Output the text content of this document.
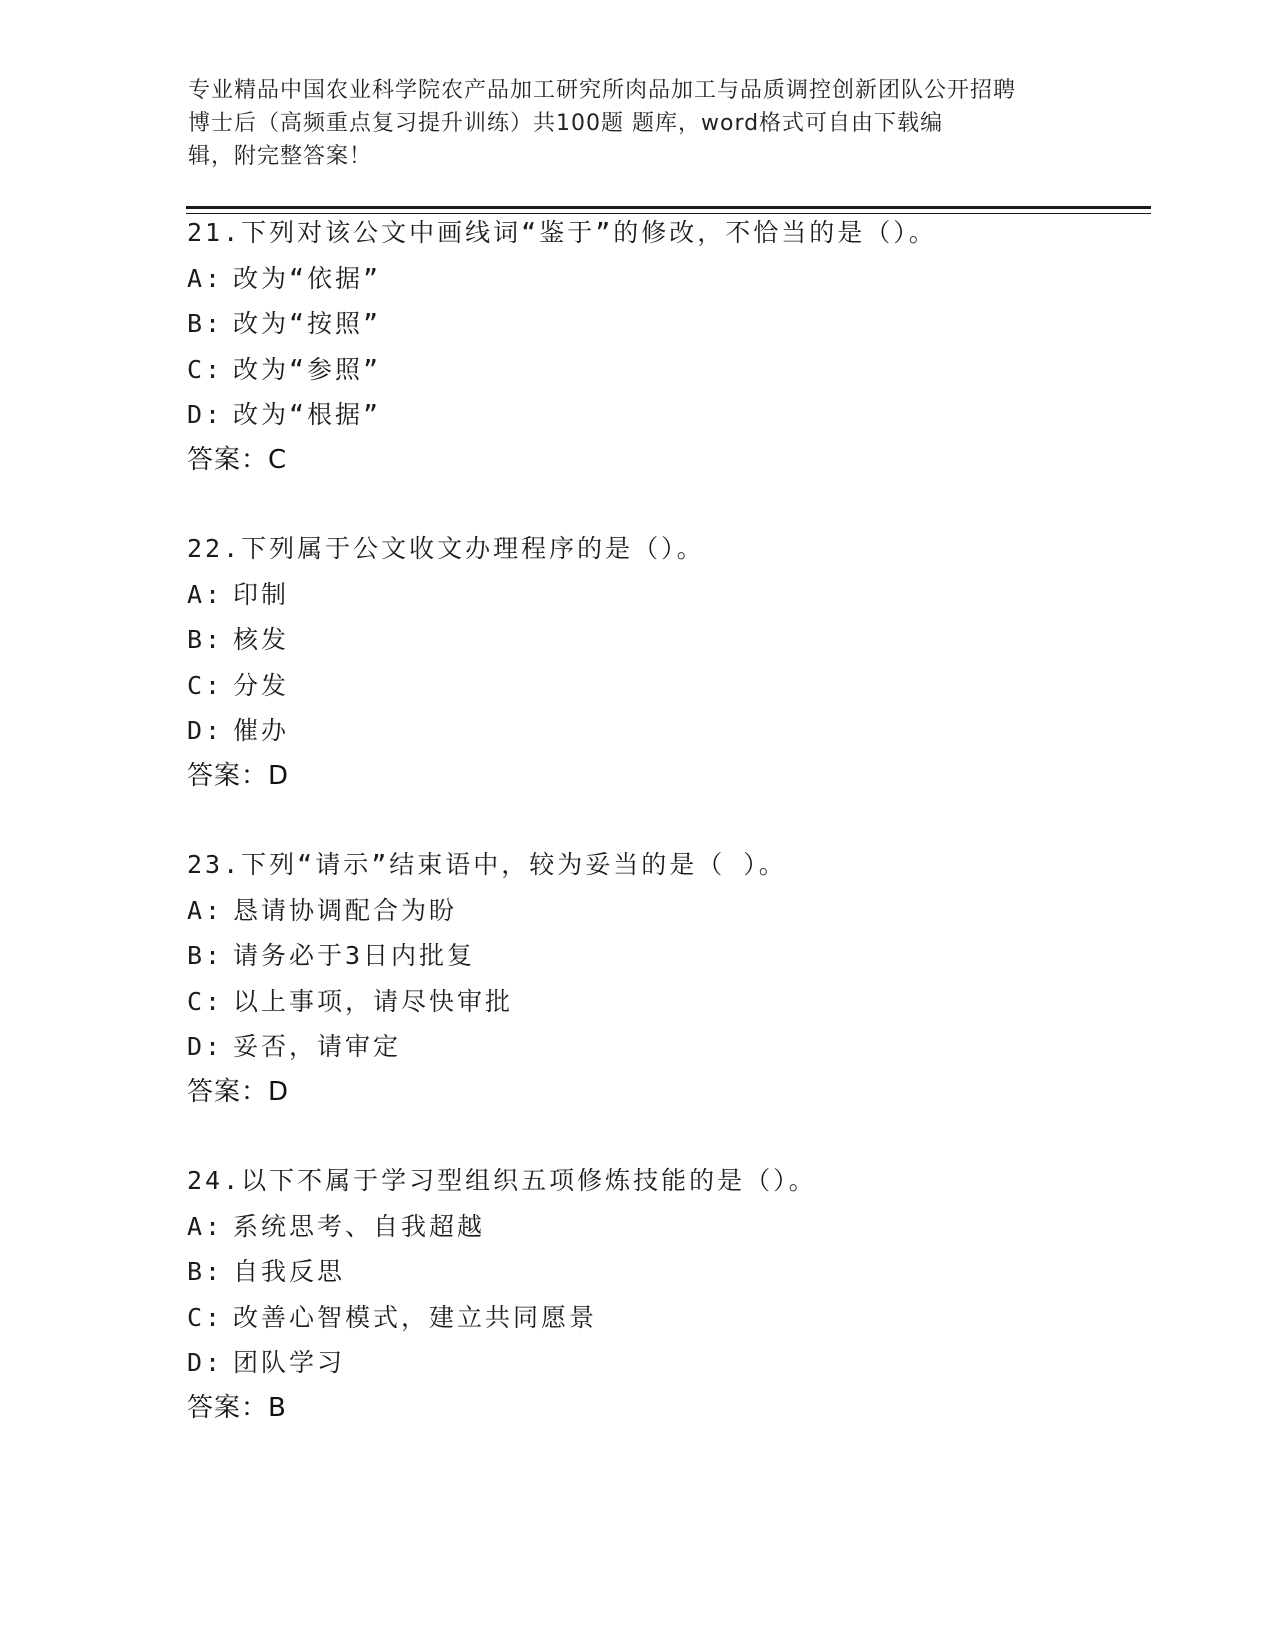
专业精品中国农业科学院农产品加工研究所肉品加工与品质调控创新团队公开招聘
博士后（高频重点复习提升训练）共100题 题库，word格式可自由下载编
辑，附完整答案！
21.下列对该公文中画线词“鉴于”的修改，不恰当的是（）。
A: 改为“依据”
B: 改为“按照”
C: 改为“参照”
D: 改为“根据”
答案：C
22.下列属于公文收文办理程序的是（）。
A: 印制
B: 核发
C: 分发
D: 催办
答案：D
23.下列“请示”结束语中，较为妥当的是（ ）。
A: 恳请协调配合为盼
B: 请务必于3日内批复
C: 以上事项，请尽快审批
D: 妥否，请审定
答案：D
24.以下不属于学习型组织五项修炼技能的是（）。
A: 系统思考、自我超越
B: 自我反思
C: 改善心智模式，建立共同愿景
D: 团队学习
答案：B
